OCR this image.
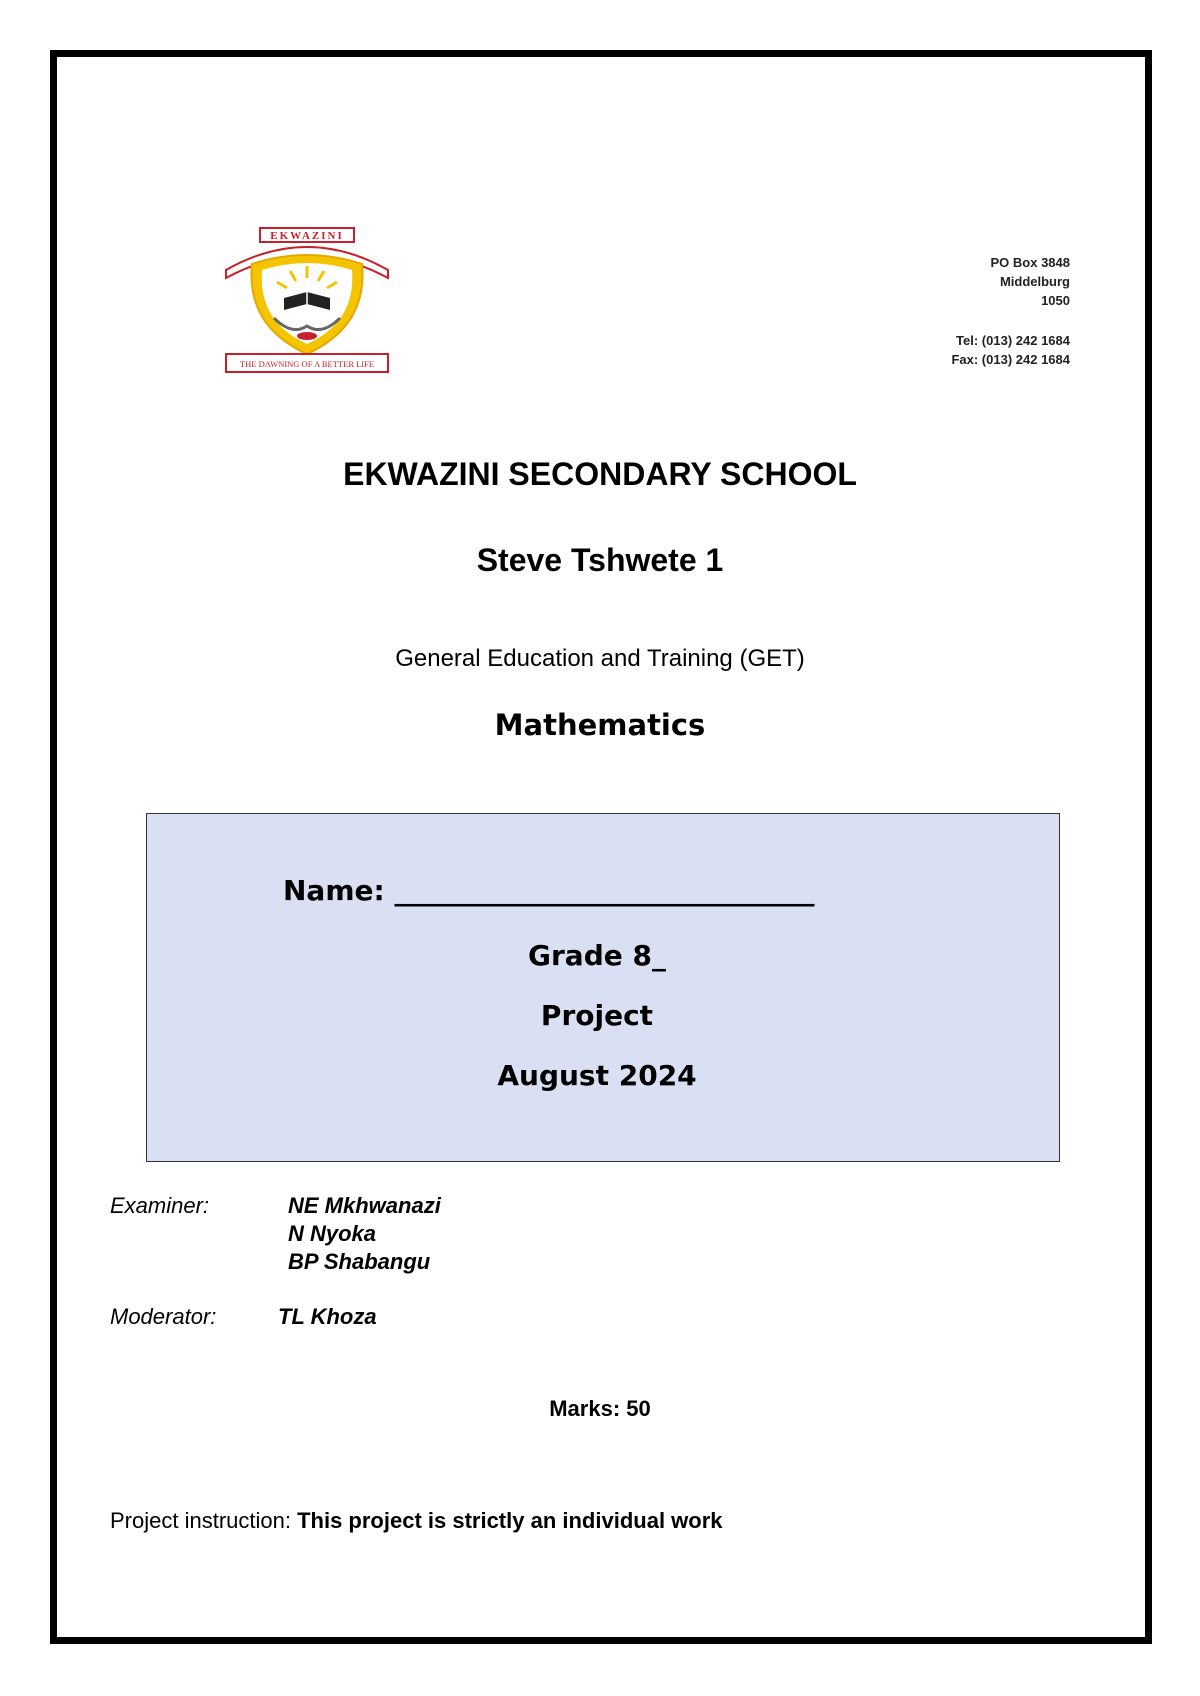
EKWAZINI
THE DAWNING OF A BETTER LIFE
PO Box 3848
Middelburg
1050
Tel: (013) 242 1684
Fax: (013) 242 1684
EKWAZINI SECONDARY SCHOOL
Steve Tshwete 1
General Education and Training (GET)
Mathematics
Name: ______________________________
Grade 8_
Project
August 2024
Examiner:	NE Mkhwanazi
N Nyoka
BP Shabangu
Moderator:	TL Khoza
Marks: 50
Project instruction: This project is strictly an individual work
